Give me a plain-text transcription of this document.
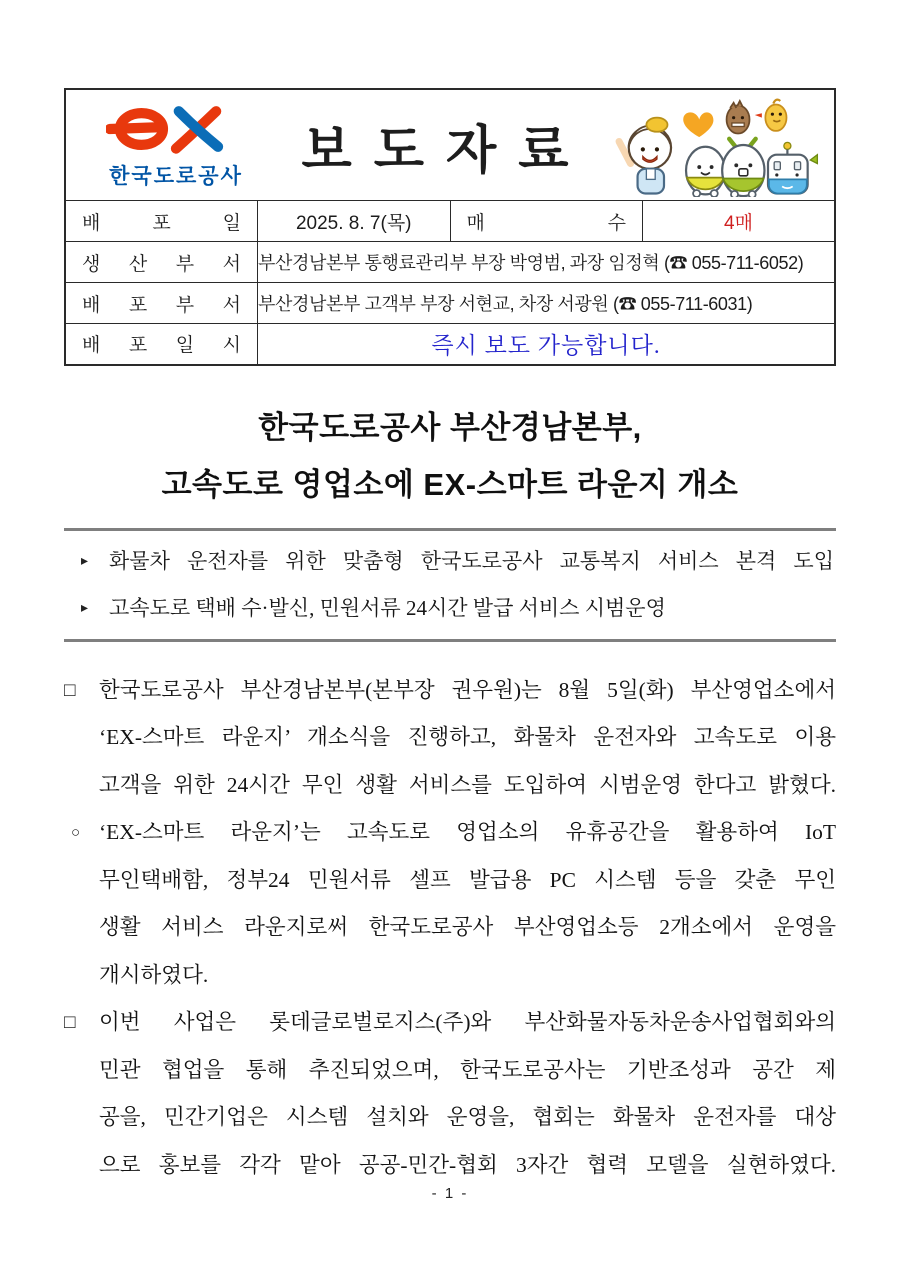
한국도로공사 보도자료			

배 포 일	2025. 8. 7(목)	매 수	4매

생 산 부 서	부산경남본부 통행료관리부 부장 박영범, 과장 임정혁 (☎ 055-711-6052)		

배 포 부 서	부산경남본부 고객부 부장 서현교, 차장 서광원 (☎ 055-711-6031)		

배 포 일 시	즉시 보도 가능합니다.		
한국도로공사 부산경남본부,
고속도로 영업소에 EX-스마트 라운지 개소
▸ 화물차 운전자를 위한 맞춤형 한국도로공사 교통복지 서비스 본격 도입
▸ 고속도로 택배 수·발신, 민원서류 24시간 발급 서비스 시범운영
□ 한국도로공사 부산경남본부(본부장 권우원)는 8월 5일(화) 부산영업소에서
‘EX-스마트 라운지’ 개소식을 진행하고, 화물차 운전자와 고속도로 이용
고객을 위한 24시간 무인 생활 서비스를 도입하여 시범운영 한다고 밝혔다.
○ ‘EX-스마트 라운지’는 고속도로 영업소의 유휴공간을 활용하여 IoT
무인택배함, 정부24 민원서류 셀프 발급용 PC 시스템 등을 갖춘 무인
생활 서비스 라운지로써 한국도로공사 부산영업소등 2개소에서 운영을
개시하였다.
□ 이번 사업은 롯데글로벌로지스(주)와 부산화물자동차운송사업협회와의
민관 협업을 통해 추진되었으며, 한국도로공사는 기반조성과 공간 제
공을, 민간기업은 시스템 설치와 운영을, 협회는 화물차 운전자를 대상
으로 홍보를 각각 맡아 공공-민간-협회 3자간 협력 모델을 실현하였다.
- 1 -
